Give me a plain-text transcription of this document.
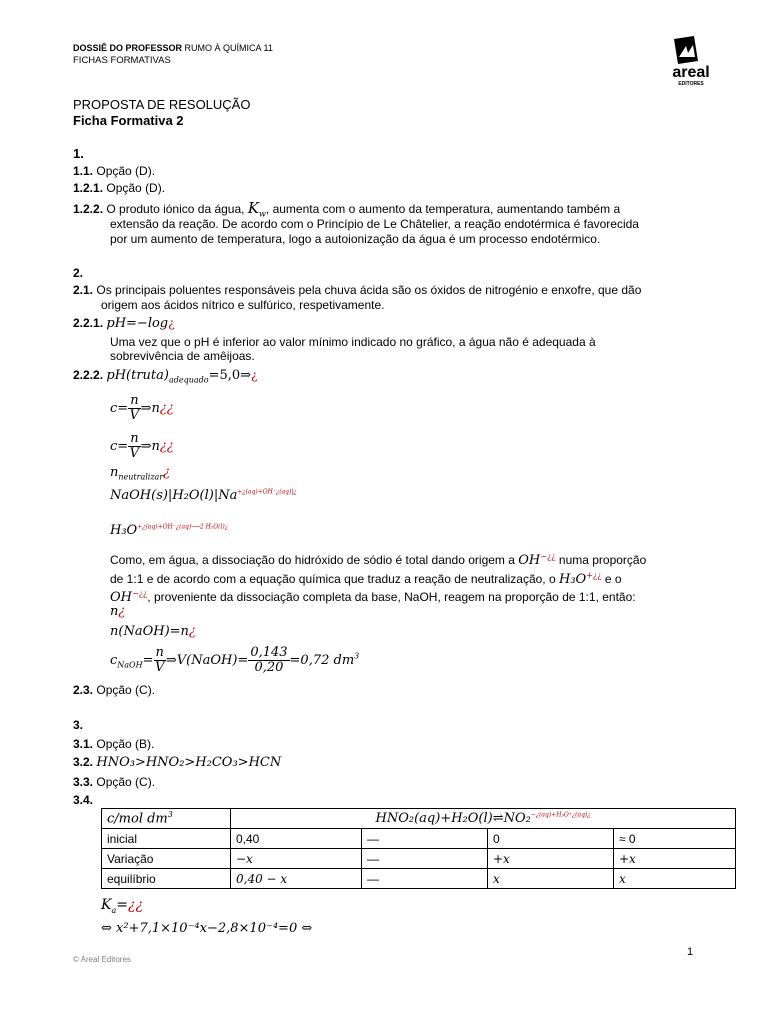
DOSSIÊ DO PROFESSOR RUMO À QUÍMICA 11
FICHAS FORMATIVAS
areal
EDITORES
PROPOSTA DE RESOLUÇÃO
Ficha Formativa 2
1.
1.1. Opção (D).
1.2.1. Opção (D).
1.2.2. O produto iónico da água, $K_w$, aumenta com o aumento da temperatura, aumentando também a
extensão da reação. De acordo com o Princípio de Le Châtelier, a reação endotérmica é favorecida
por um aumento de temperatura, logo a autoionização da água é um processo endotérmico.
2.
2.1. Os principais poluentes responsáveis pela chuva ácida são os óxidos de nitrogénio e enxofre, que dão
origem aos ácidos nítrico e sulfúrico, respetivamente.
2.2.1. pH=−log¿
Uma vez que o pH é inferior ao valor mínimo indicado no gráfico, a água não é adequada à
sobrevivência de amêijoas.
2.2.2. $pH(truta)_{adequado}=5,0\Rightarrow¿$
$c= \frac{n}{V}$ ⇒n¿¿
$c= \frac{n}{V}$ ⇒n¿¿
$n_{neutralizar}¿$
$NaOH(s)|H_2O(l)|Na^{+¿(aq)+OH^-¿(aq)|¿}$
$H_3O^{+¿(aq)+OH^-¿(aq)⟶2 H_2O(l)¿}$
Como, em água, a dissociação do hidróxido de sódio é total dando origem a OH−¿¿ numa proporção
de 1:1 e de acordo com a equação química que traduz a reação de neutralização, o H₃O+¿¿ e o
OH−¿¿, proveniente da dissociação completa da base, NaOH, reagem na proporção de 1:1, então:
n¿
n(NaOH)=n¿
$c_{NaOH}= \frac{n}{V}$ ⇒V(NaOH)= $\frac{0,143}{0,20} =0,72$ $dm^3$
2.3. Opção (C).
3.
3.1. Opção (B).
3.2. HNO₃>HNO₂>H₂CO₃>HCN
3.3. Opção (C).
3.4.
c/mol $dm^3$	HNO₂(aq)+H₂O(l)⇌NO₂$^{-¿(aq)+H_3O^+¿(aq)¿}$
inicial	0,40	—	0	≈ 0
Variação	−x	—	+x	+x
equilíbrio	0,40 − x	—	x	x
$K_a=¿¿$
⇔ x²+7,1×10⁻⁴x−2,8×10⁻⁴=0 ⇔
© Areal Editores
1
